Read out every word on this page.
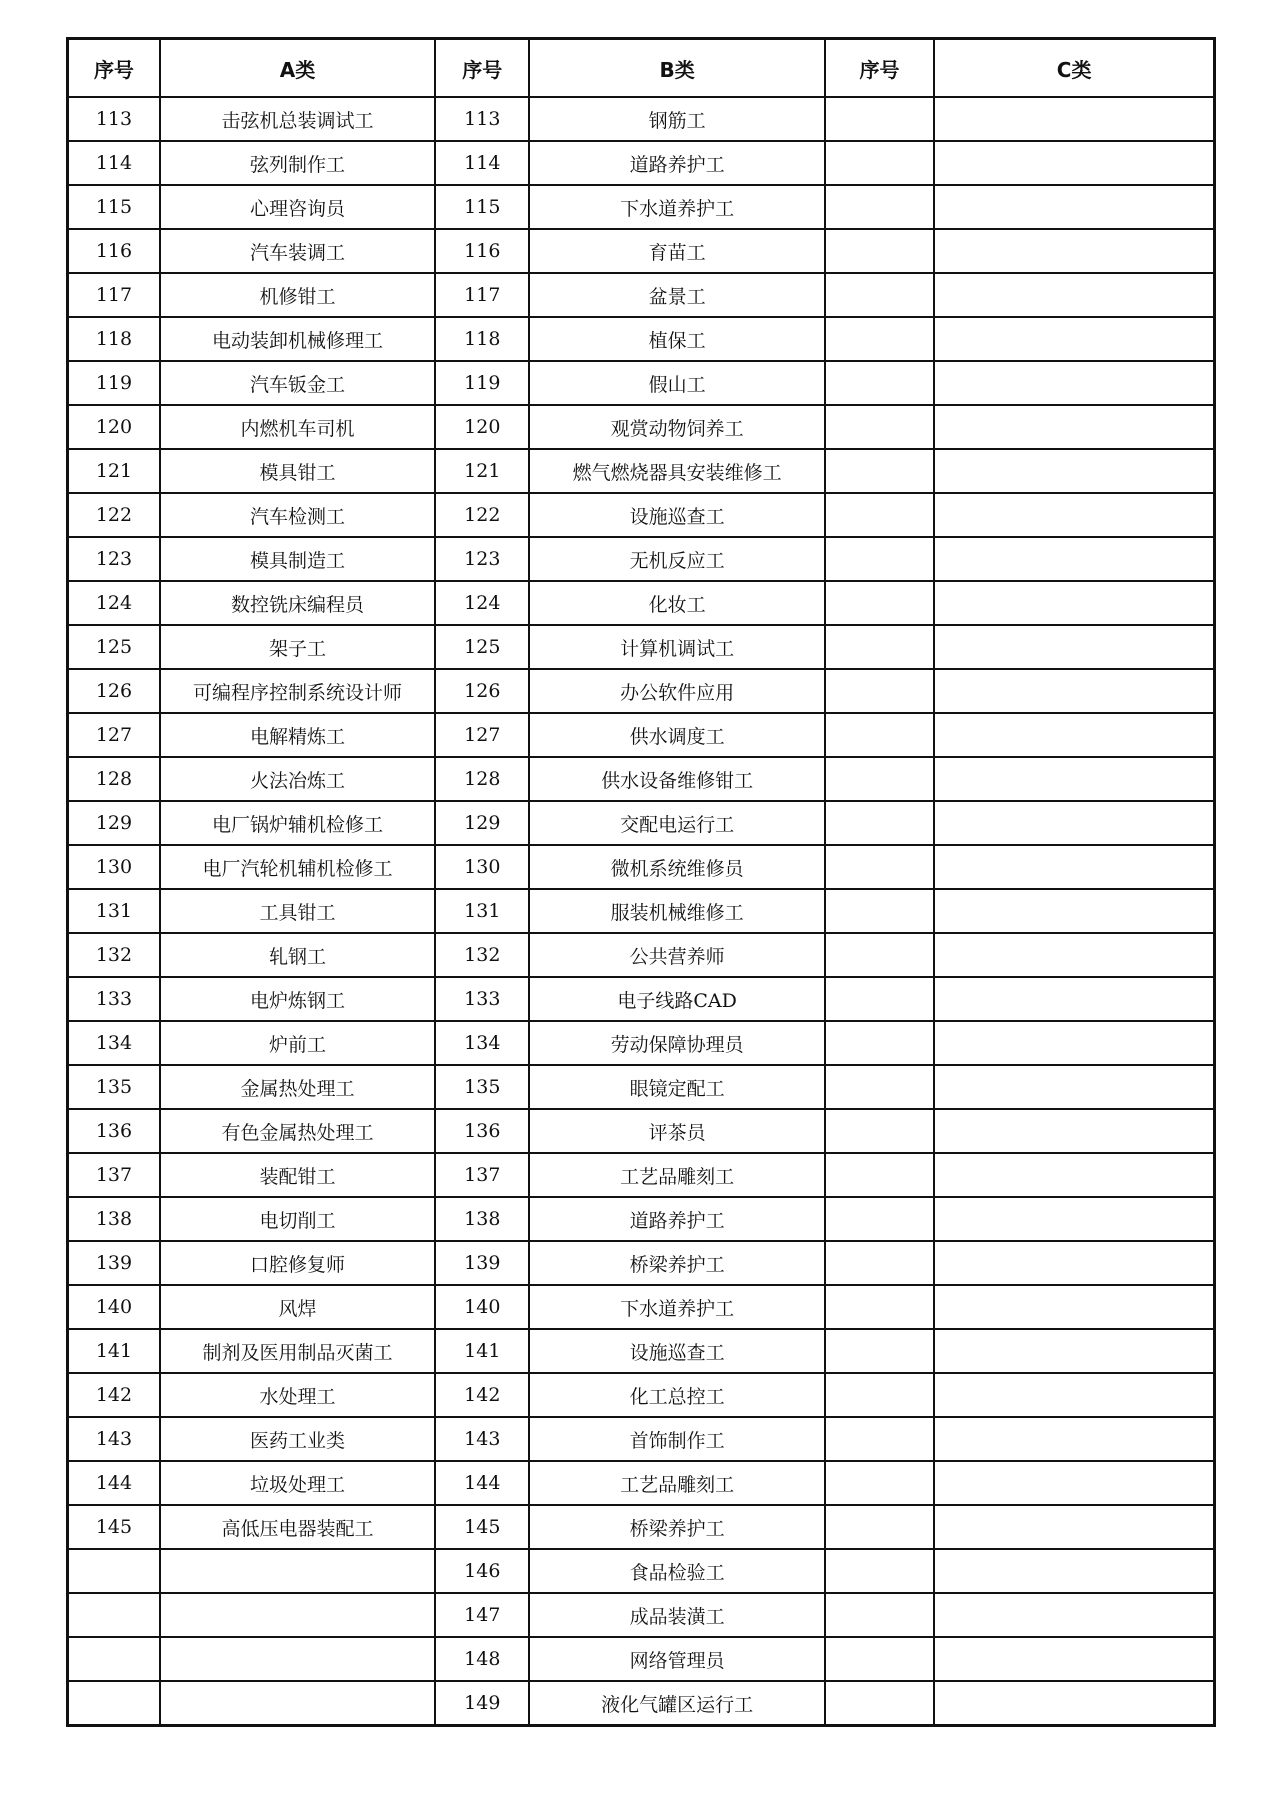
序号	A类	序号	B类	序号	C类
113	击弦机总装调试工	113	钢筋工		
114	弦列制作工	114	道路养护工		
115	心理咨询员	115	下水道养护工		
116	汽车装调工	116	育苗工		
117	机修钳工	117	盆景工		
118	电动装卸机械修理工	118	植保工		
119	汽车钣金工	119	假山工		
120	内燃机车司机	120	观赏动物饲养工		
121	模具钳工	121	燃气燃烧器具安装维修工		
122	汽车检测工	122	设施巡查工		
123	模具制造工	123	无机反应工		
124	数控铣床编程员	124	化妆工		
125	架子工	125	计算机调试工		
126	可编程序控制系统设计师	126	办公软件应用		
127	电解精炼工	127	供水调度工		
128	火法冶炼工	128	供水设备维修钳工		
129	电厂锅炉辅机检修工	129	交配电运行工		
130	电厂汽轮机辅机检修工	130	微机系统维修员		
131	工具钳工	131	服装机械维修工		
132	轧钢工	132	公共营养师		
133	电炉炼钢工	133	电子线路CAD		
134	炉前工	134	劳动保障协理员		
135	金属热处理工	135	眼镜定配工		
136	有色金属热处理工	136	评茶员		
137	装配钳工	137	工艺品雕刻工		
138	电切削工	138	道路养护工		
139	口腔修复师	139	桥梁养护工		
140	风焊	140	下水道养护工		
141	制剂及医用制品灭菌工	141	设施巡查工		
142	水处理工	142	化工总控工		
143	医药工业类	143	首饰制作工		
144	垃圾处理工	144	工艺品雕刻工		
145	高低压电器装配工	145	桥梁养护工		
		146	食品检验工		
		147	成品装潢工		
		148	网络管理员		
		149	液化气罐区运行工		
